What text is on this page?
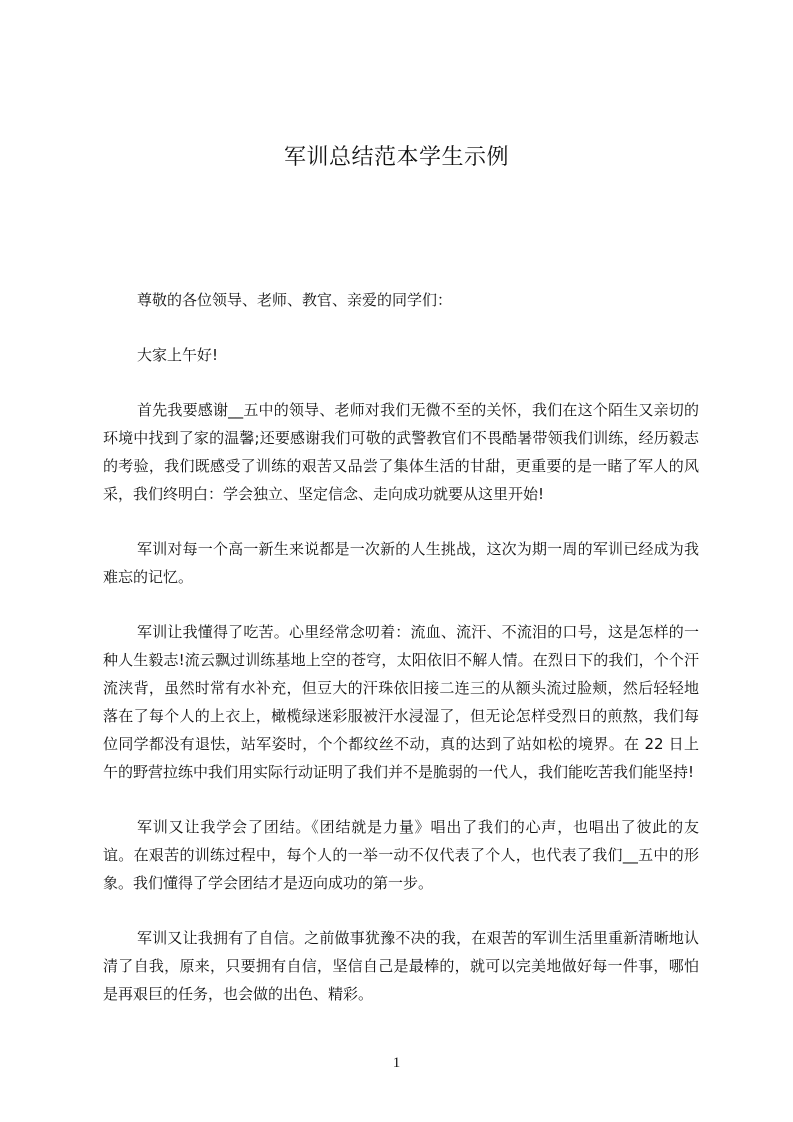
军训总结范本学生示例

尊敬的各位领导、老师、教官、亲爱的同学们：

大家上午好!

首先我要感谢__五中的领导、老师对我们无微不至的关怀，我们在这个陌生又亲切的环境中找到了家的温馨;还要感谢我们可敬的武警教官们不畏酷暑带领我们训练，经历毅志的考验，我们既感受了训练的艰苦又品尝了集体生活的甘甜，更重要的是一睹了军人的风采，我们终明白：学会独立、坚定信念、走向成功就要从这里开始!

军训对每一个高一新生来说都是一次新的人生挑战，这次为期一周的军训已经成为我难忘的记忆。

军训让我懂得了吃苦。心里经常念叨着：流血、流汗、不流泪的口号，这是怎样的一种人生毅志!流云飘过训练基地上空的苍穹，太阳依旧不解人情。在烈日下的我们，个个汗流浃背，虽然时常有水补充，但豆大的汗珠依旧接二连三的从额头流过脸颊，然后轻轻地落在了每个人的上衣上，橄榄绿迷彩服被汗水浸湿了，但无论怎样受烈日的煎熬，我们每位同学都没有退怯，站军姿时，个个都纹丝不动，真的达到了站如松的境界。在 22 日上午的野营拉练中我们用实际行动证明了我们并不是脆弱的一代人，我们能吃苦我们能坚持!

军训又让我学会了团结。《团结就是力量》唱出了我们的心声，也唱出了彼此的友谊。在艰苦的训练过程中，每个人的一举一动不仅代表了个人，也代表了我们__五中的形象。我们懂得了学会团结才是迈向成功的第一步。

军训又让我拥有了自信。之前做事犹豫不决的我，在艰苦的军训生活里重新清晰地认清了自我，原来，只要拥有自信，坚信自己是最棒的，就可以完美地做好每一件事，哪怕是再艰巨的任务，也会做的出色、精彩。

1
